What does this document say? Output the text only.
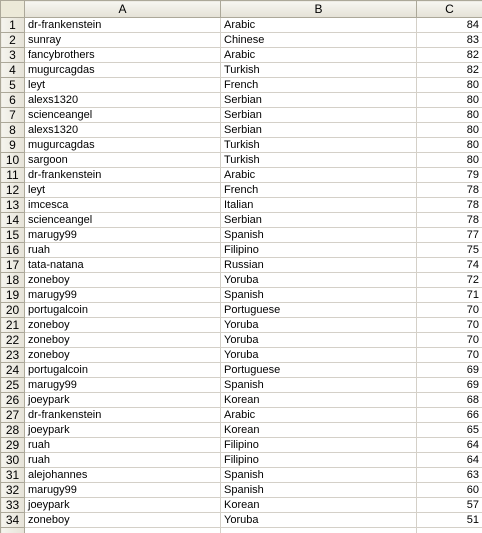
	A	B	C
1	dr-frankenstein	Arabic	84
2	sunray	Chinese	83
3	fancybrothers	Arabic	82
4	mugurcagdas	Turkish	82
5	leyt	French	80
6	alexs1320	Serbian	80
7	scienceangel	Serbian	80
8	alexs1320	Serbian	80
9	mugurcagdas	Turkish	80
10	sargoon	Turkish	80
11	dr-frankenstein	Arabic	79
12	leyt	French	78
13	imcesca	Italian	78
14	scienceangel	Serbian	78
15	marugy99	Spanish	77
16	ruah	Filipino	75
17	tata-natana	Russian	74
18	zoneboy	Yoruba	72
19	marugy99	Spanish	71
20	portugalcoin	Portuguese	70
21	zoneboy	Yoruba	70
22	zoneboy	Yoruba	70
23	zoneboy	Yoruba	70
24	portugalcoin	Portuguese	69
25	marugy99	Spanish	69
26	joeypark	Korean	68
27	dr-frankenstein	Arabic	66
28	joeypark	Korean	65
29	ruah	Filipino	64
30	ruah	Filipino	64
31	alejohannes	Spanish	63
32	marugy99	Spanish	60
33	joeypark	Korean	57
34	zoneboy	Yoruba	51
